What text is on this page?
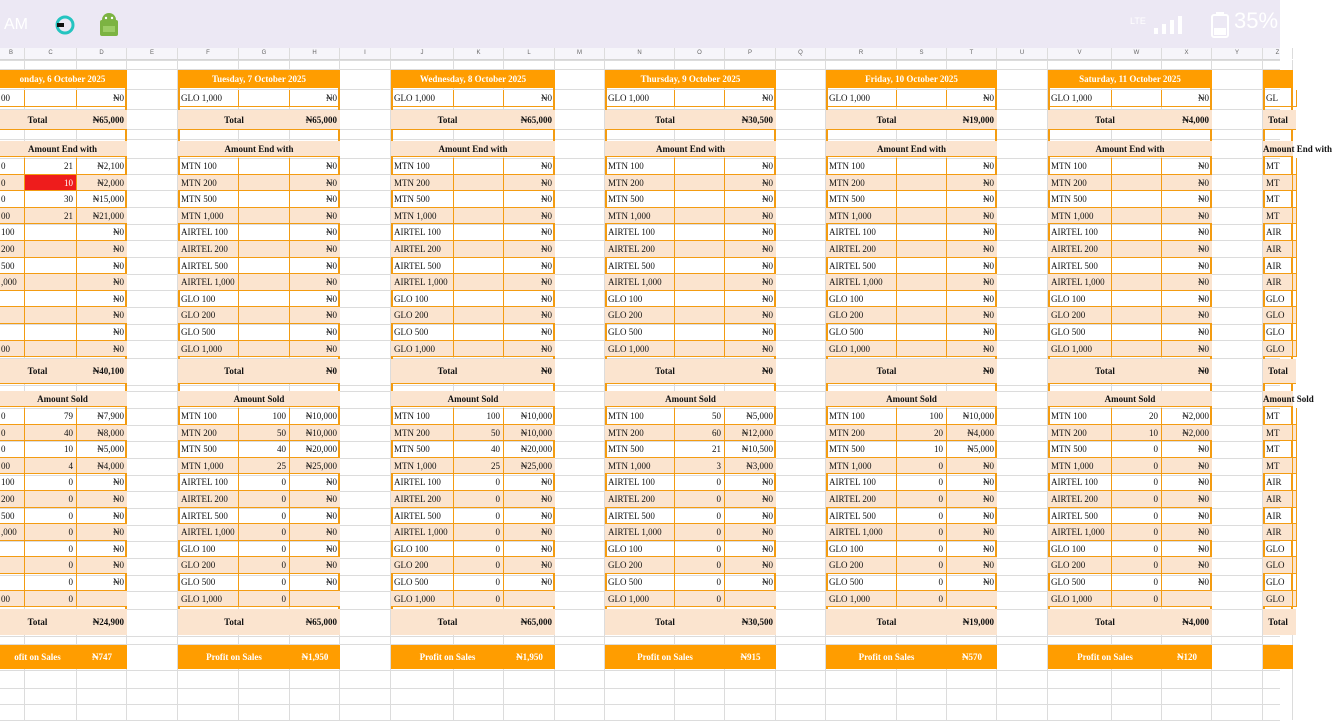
AM	LTE	35%
B	C	D	E	F	G	H	I	J	K	L	M	N	O	P	Q	R	S	T	U	V	W	X	Y	Z
onday, 6 October 2025
00	₦0
Total	₦65,000
Amount End with
0	21	₦2,100
0	10	₦2,000
0	30	₦15,000
00	21	₦21,000
100	₦0
200	₦0
500	₦0
,000	₦0
₦0
₦0
₦0
00	₦0
Total	₦40,100
Amount Sold
0	79	₦7,900
0	40	₦8,000
0	10	₦5,000
00	4	₦4,000
100	0	₦0
200	0	₦0
500	0	₦0
,000	0	₦0
0	₦0
0	₦0
0	₦0
00	0
Total	₦24,900
ofit on Sales	₦747
Tuesday, 7 October 2025
GLO 1,000	₦0
Total	₦65,000
Amount End with
MTN 100	₦0
MTN 200	₦0
MTN 500	₦0
MTN 1,000	₦0
AIRTEL 100	₦0
AIRTEL 200	₦0
AIRTEL 500	₦0
AIRTEL 1,000	₦0
GLO 100	₦0
GLO 200	₦0
GLO 500	₦0
GLO 1,000	₦0
Total	₦0
Amount Sold
MTN 100	100	₦10,000
MTN 200	50	₦10,000
MTN 500	40	₦20,000
MTN 1,000	25	₦25,000
AIRTEL 100	0	₦0
AIRTEL 200	0	₦0
AIRTEL 500	0	₦0
AIRTEL 1,000	0	₦0
GLO 100	0	₦0
GLO 200	0	₦0
GLO 500	0	₦0
GLO 1,000	0
Total	₦65,000
Profit on Sales	₦1,950
Wednesday, 8 October 2025
GLO 1,000	₦0
Total	₦65,000
Amount End with
MTN 100	₦0
MTN 200	₦0
MTN 500	₦0
MTN 1,000	₦0
AIRTEL 100	₦0
AIRTEL 200	₦0
AIRTEL 500	₦0
AIRTEL 1,000	₦0
GLO 100	₦0
GLO 200	₦0
GLO 500	₦0
GLO 1,000	₦0
Total	₦0
Amount Sold
MTN 100	100	₦10,000
MTN 200	50	₦10,000
MTN 500	40	₦20,000
MTN 1,000	25	₦25,000
AIRTEL 100	0	₦0
AIRTEL 200	0	₦0
AIRTEL 500	0	₦0
AIRTEL 1,000	0	₦0
GLO 100	0	₦0
GLO 200	0	₦0
GLO 500	0	₦0
GLO 1,000	0
Total	₦65,000
Profit on Sales	₦1,950
Thursday, 9 October 2025
GLO 1,000	₦0
Total	₦30,500
Amount End with
MTN 100	₦0
MTN 200	₦0
MTN 500	₦0
MTN 1,000	₦0
AIRTEL 100	₦0
AIRTEL 200	₦0
AIRTEL 500	₦0
AIRTEL 1,000	₦0
GLO 100	₦0
GLO 200	₦0
GLO 500	₦0
GLO 1,000	₦0
Total	₦0
Amount Sold
MTN 100	50	₦5,000
MTN 200	60	₦12,000
MTN 500	21	₦10,500
MTN 1,000	3	₦3,000
AIRTEL 100	0	₦0
AIRTEL 200	0	₦0
AIRTEL 500	0	₦0
AIRTEL 1,000	0	₦0
GLO 100	0	₦0
GLO 200	0	₦0
GLO 500	0	₦0
GLO 1,000	0
Total	₦30,500
Profit on Sales	₦915
Friday, 10 October 2025
GLO 1,000	₦0
Total	₦19,000
Amount End with
MTN 100	₦0
MTN 200	₦0
MTN 500	₦0
MTN 1,000	₦0
AIRTEL 100	₦0
AIRTEL 200	₦0
AIRTEL 500	₦0
AIRTEL 1,000	₦0
GLO 100	₦0
GLO 200	₦0
GLO 500	₦0
GLO 1,000	₦0
Total	₦0
Amount Sold
MTN 100	100	₦10,000
MTN 200	20	₦4,000
MTN 500	10	₦5,000
MTN 1,000	0	₦0
AIRTEL 100	0	₦0
AIRTEL 200	0	₦0
AIRTEL 500	0	₦0
AIRTEL 1,000	0	₦0
GLO 100	0	₦0
GLO 200	0	₦0
GLO 500	0	₦0
GLO 1,000	0
Total	₦19,000
Profit on Sales	₦570
Saturday, 11 October 2025
GLO 1,000	₦0
Total	₦4,000
Amount End with
MTN 100	₦0
MTN 200	₦0
MTN 500	₦0
MTN 1,000	₦0
AIRTEL 100	₦0
AIRTEL 200	₦0
AIRTEL 500	₦0
AIRTEL 1,000	₦0
GLO 100	₦0
GLO 200	₦0
GLO 500	₦0
GLO 1,000	₦0
Total	₦0
Amount Sold
MTN 100	20	₦2,000
MTN 200	10	₦2,000
MTN 500	0	₦0
MTN 1,000	0	₦0
AIRTEL 100	0	₦0
AIRTEL 200	0	₦0
AIRTEL 500	0	₦0
AIRTEL 1,000	0	₦0
GLO 100	0	₦0
GLO 200	0	₦0
GLO 500	0	₦0
GLO 1,000	0
Total	₦4,000
Profit on Sales	₦120
GL
Total
Amount End with
MT
MT
MT
MT
AIR
AIR
AIR
AIR
GLO
GLO
GLO
GLO
Total
Amount Sold
MT
MT
MT
MT
AIR
AIR
AIR
AIR
GLO
GLO
GLO
GLO
Total
